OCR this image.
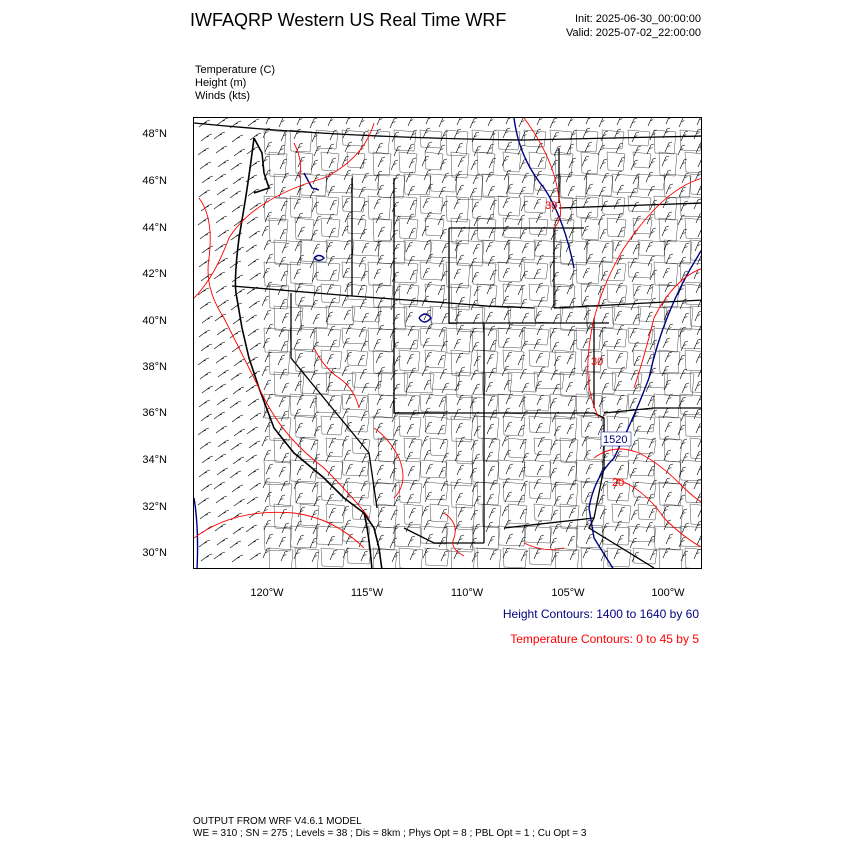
IWFAQRP Western US Real Time WRF	Init: 2025-06-30_00:00:00
Valid: 2025-07-02_22:00:00
Temperature (C)
Height (m)
Winds (kts)
48°N
46°N
44°N
42°N
40°N
38°N
36°N
34°N
32°N
30°N
120°W	115°W	110°W	105°W	100°W
30
30
1520
20
Height Contours: 1400 to 1640 by 60
Temperature Contours: 0 to 45 by 5
OUTPUT FROM WRF V4.6.1 MODEL
WE = 310 ; SN = 275 ; Levels = 38 ; Dis = 8km ; Phys Opt = 8 ; PBL Opt = 1 ; Cu Opt = 3
